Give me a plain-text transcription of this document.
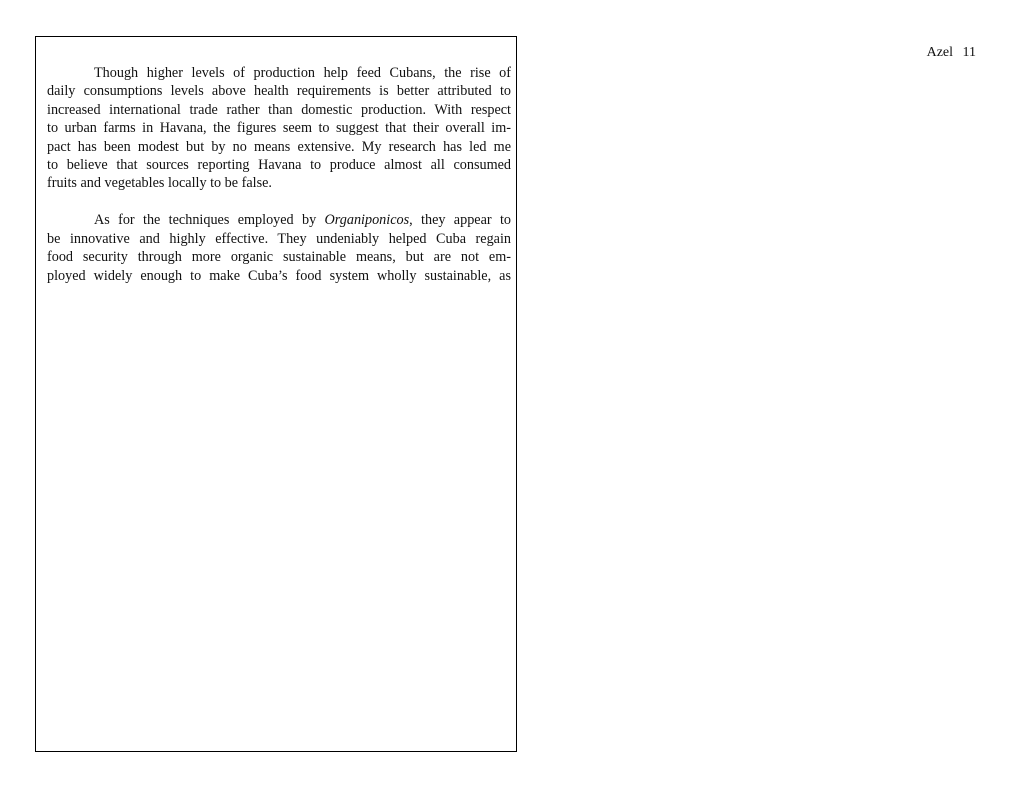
Azel 11
Though higher levels of production help feed Cubans, the rise of
daily consumptions levels above health requirements is better attributed to
increased international trade rather than domestic production. With respect
to urban farms in Havana, the figures seem to suggest that their overall im-
pact has been modest but by no means extensive. My research has led me
to believe that sources reporting Havana to produce almost all consumed
fruits and vegetables locally to be false.
As for the techniques employed by Organiponicos, they appear to
be innovative and highly effective. They undeniably helped Cuba regain
food security through more organic sustainable means, but are not em-
ployed widely enough to make Cuba’s food system wholly sustainable, as
